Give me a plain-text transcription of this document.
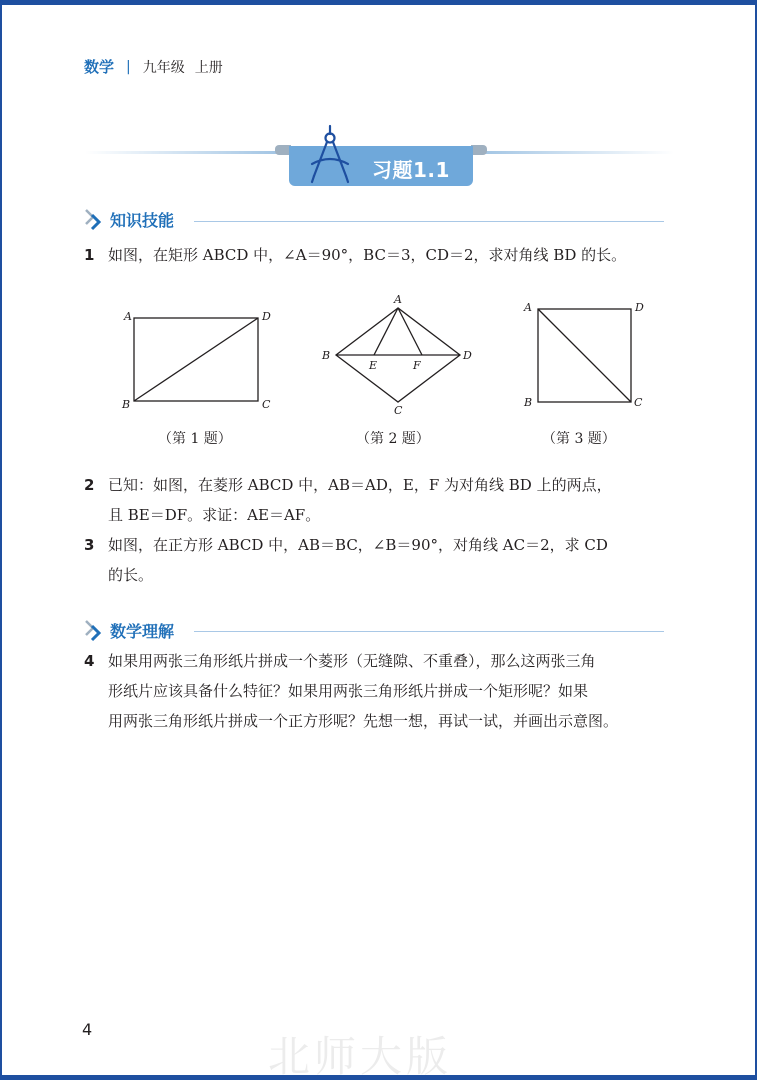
数学 | 九年级 上册
习题1.1
知识技能
1 如图，在矩形 ABCD 中，∠A＝90°，BC＝3，CD＝2，求对角线 BD 的长。
A	D
B	C
A
B	D
E	F
C
A	D
B	C
（第 1 题）	（第 2 题）	（第 3 题）
2 已知：如图，在菱形 ABCD 中，AB＝AD，E，F 为对角线 BD 上的两点，
且 BE＝DF。求证：AE＝AF。
3 如图，在正方形 ABCD 中，AB＝BC，∠B＝90°，对角线 AC＝2，求 CD
的长。
数学理解
4 如果用两张三角形纸片拼成一个菱形（无缝隙、不重叠），那么这两张三角
形纸片应该具备什么特征？如果用两张三角形纸片拼成一个矩形呢？如果
用两张三角形纸片拼成一个正方形呢？先想一想，再试一试，并画出示意图。
4
北师大版
